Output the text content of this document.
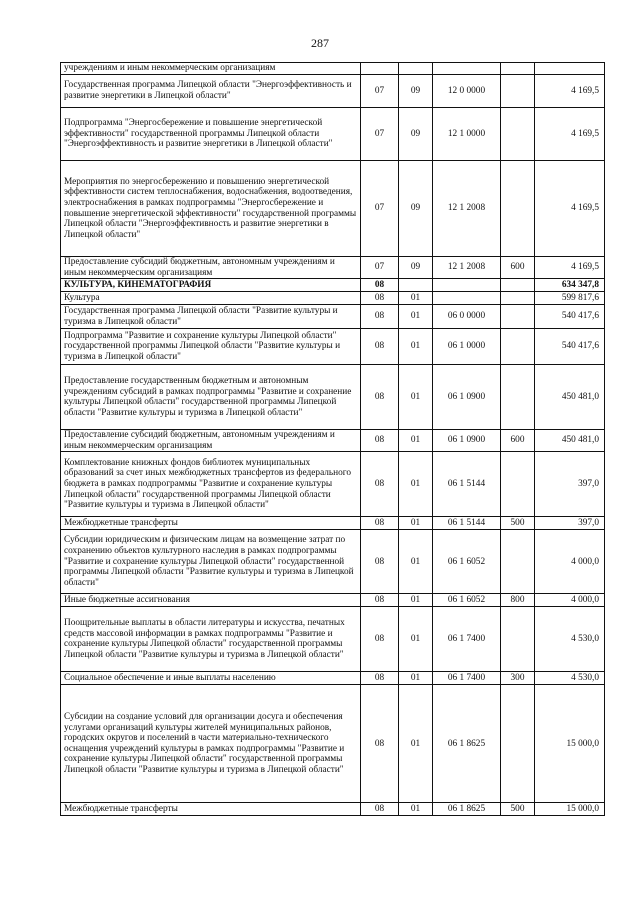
287
учреждениям и иным некоммерческим организациям					
Государственная программа Липецкой области "Энергоэффективность и развитие энергетики в Липецкой области"	07	09	12 0 0000		4 169,5
Подпрограмма "Энергосбережение и повышение энергетической эффективности" государственной программы Липецкой области "Энергоэффективность и развитие энергетики в Липецкой области"	07	09	12 1 0000		4 169,5
Мероприятия по энергосбережению и повышению энергетической эффективности систем теплоснабжения, водоснабжения, водоотведения, электроснабжения в рамках подпрограммы "Энергосбережение и повышение энергетической эффективности" государственной программы Липецкой области "Энергоэффективность и развитие энергетики в Липецкой области"	07	09	12 1 2008		4 169,5
Предоставление субсидий бюджетным, автономным учреждениям и иным некоммерческим организациям	07	09	12 1 2008	600	4 169,5
КУЛЬТУРА, КИНЕМАТОГРАФИЯ	08				634 347,8
Культура	08	01			599 817,6
Государственная программа Липецкой области "Развитие культуры и туризма в Липецкой области"	08	01	06 0 0000		540 417,6
Подпрограмма "Развитие и сохранение культуры Липецкой области" государственной программы Липецкой области "Развитие культуры и туризма в Липецкой области"	08	01	06 1 0000		540 417,6
Предоставление государственным бюджетным и автономным учреждениям субсидий в рамках подпрограммы "Развитие и сохранение культуры Липецкой области" государственной программы Липецкой области "Развитие культуры и туризма в Липецкой области"	08	01	06 1 0900		450 481,0
Предоставление субсидий бюджетным, автономным учреждениям и иным некоммерческим организациям	08	01	06 1 0900	600	450 481,0
Комплектование книжных фондов библиотек муниципальных образований за счет иных межбюджетных трансфертов из федерального бюджета в рамках подпрограммы "Развитие и сохранение культуры Липецкой области" государственной программы Липецкой области "Развитие культуры и туризма в Липецкой области"	08	01	06 1 5144		397,0
Межбюджетные трансферты	08	01	06 1 5144	500	397,0
Субсидии юридическим и физическим лицам на возмещение затрат по сохранению объектов культурного наследия в рамках подпрограммы "Развитие и сохранение культуры Липецкой области" государственной программы Липецкой области "Развитие культуры и туризма в Липецкой области"	08	01	06 1 6052		4 000,0
Иные бюджетные ассигнования	08	01	06 1 6052	800	4 000,0
Поощрительные выплаты в области литературы и искусства, печатных средств массовой информации в рамках подпрограммы "Развитие и сохранение культуры Липецкой области" государственной программы Липецкой области "Развитие культуры и туризма в Липецкой области"	08	01	06 1 7400		4 530,0
Социальное обеспечение и иные выплаты населению	08	01	06 1 7400	300	4 530,0
Субсидии на создание условий для организации досуга и обеспечения услугами организаций культуры жителей муниципальных районов, городских округов и поселений в части материально-технического оснащения учреждений культуры в рамках подпрограммы "Развитие и сохранение культуры Липецкой области" государственной программы Липецкой области "Развитие культуры и туризма в Липецкой области"	08	01	06 1 8625		15 000,0
Межбюджетные трансферты	08	01	06 1 8625	500	15 000,0
